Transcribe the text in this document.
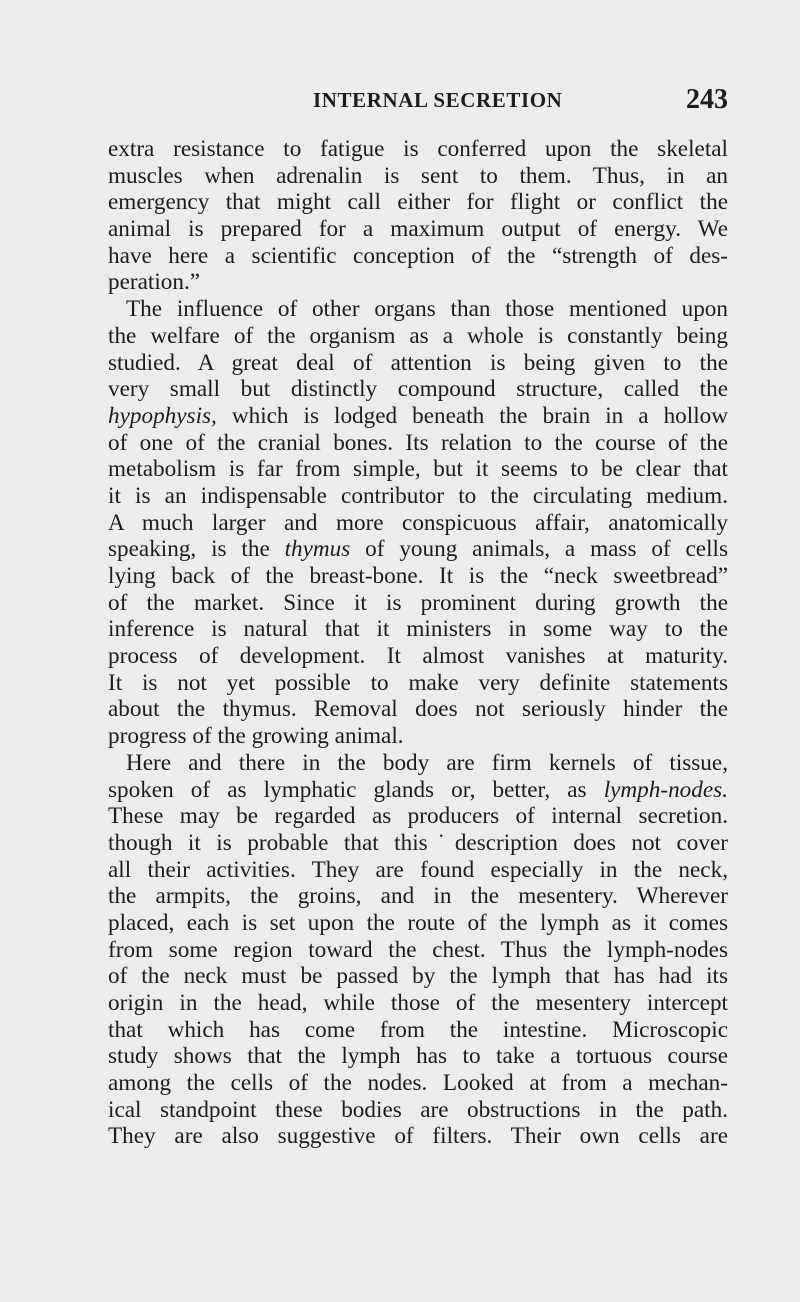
INTERNAL SECRETION	243
extra resistance to fatigue is conferred upon the skeletal
muscles when adrenalin is sent to them. Thus, in an
emergency that might call either for flight or conflict the
animal is prepared for a maximum output of energy. We
have here a scientific conception of the “strength of des-
peration.”
The influence of other organs than those mentioned upon
the welfare of the organism as a whole is constantly being
studied. A great deal of attention is being given to the
very small but distinctly compound structure, called the
hypophysis, which is lodged beneath the brain in a hollow
of one of the cranial bones. Its relation to the course of the
metabolism is far from simple, but it seems to be clear that
it is an indispensable contributor to the circulating medium.
A much larger and more conspicuous affair, anatomically
speaking, is the thymus of young animals, a mass of cells
lying back of the breast-bone. It is the “neck sweetbread”
of the market. Since it is prominent during growth the
inference is natural that it ministers in some way to the
process of development. It almost vanishes at maturity.
It is not yet possible to make very definite statements
about the thymus. Removal does not seriously hinder the
progress of the growing animal.
Here and there in the body are firm kernels of tissue,
spoken of as lymphatic glands or, better, as lymph-nodes.
These may be regarded as producers of internal secretion.
though it is probable that this˙description does not cover
all their activities. They are found especially in the neck,
the armpits, the groins, and in the mesentery. Wherever
placed, each is set upon the route of the lymph as it comes
from some region toward the chest. Thus the lymph-nodes
of the neck must be passed by the lymph that has had its
origin in the head, while those of the mesentery intercept
that which has come from the intestine. Microscopic
study shows that the lymph has to take a tortuous course
among the cells of the nodes. Looked at from a mechan-
ical standpoint these bodies are obstructions in the path.
They are also suggestive of filters. Their own cells are
